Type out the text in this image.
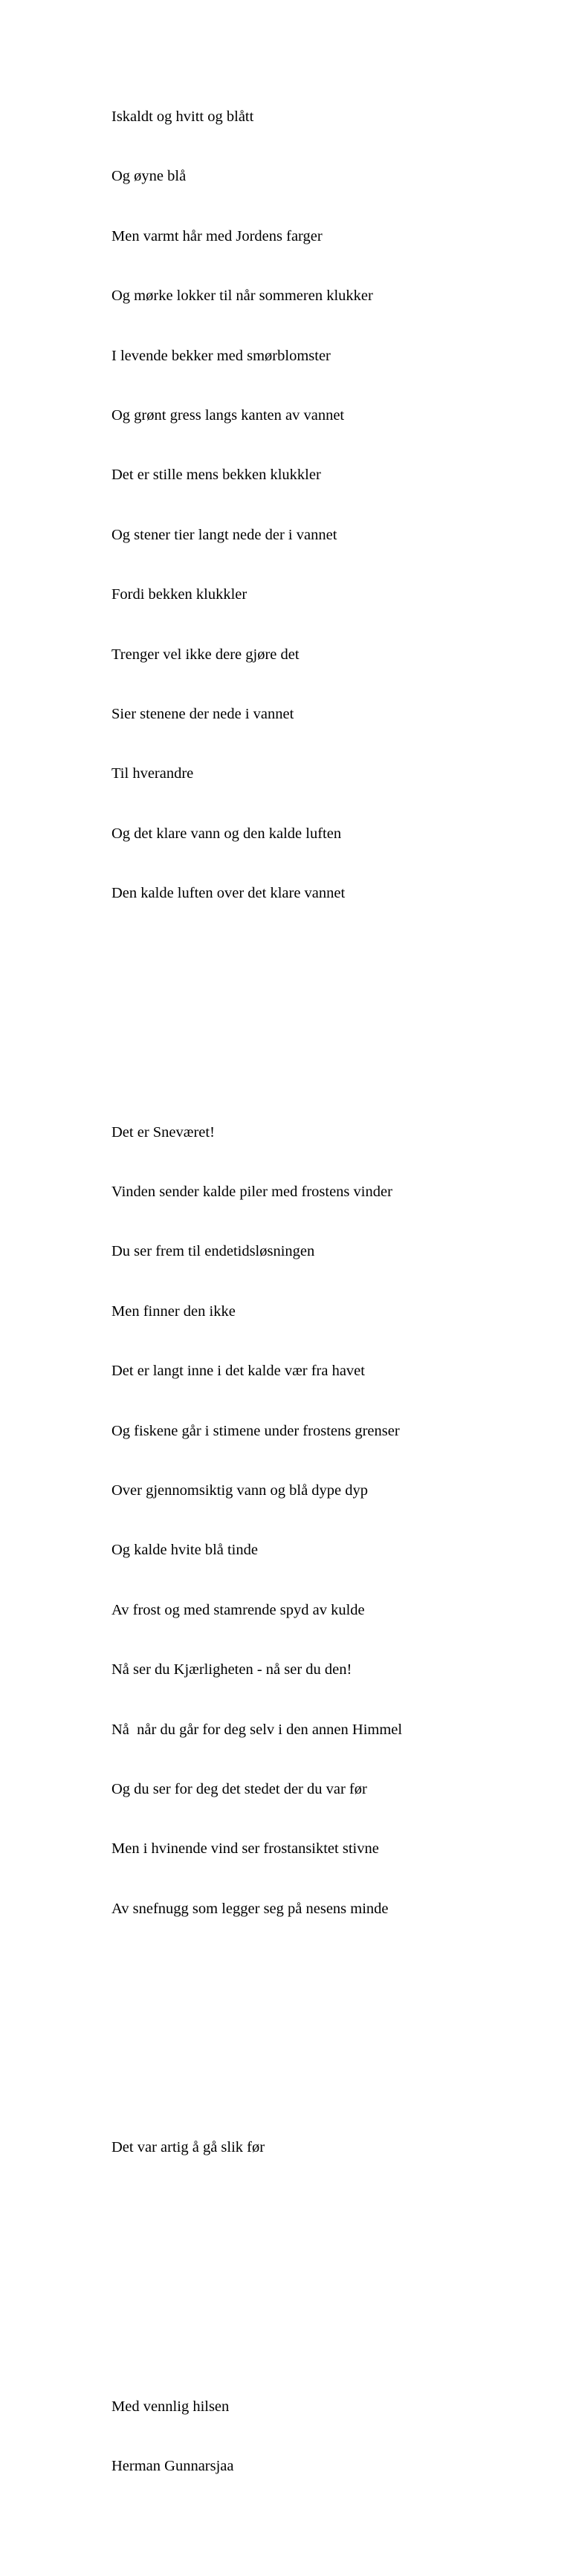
Iskaldt og hvitt og blått

Og øyne blå

Men varmt hår med Jordens farger

Og mørke lokker til når sommeren klukker

I levende bekker med smørblomster

Og grønt gress langs kanten av vannet

Det er stille mens bekken klukkler

Og stener tier langt nede der i vannet

Fordi bekken klukkler

Trenger vel ikke dere gjøre det

Sier stenene der nede i vannet

Til hverandre

Og det klare vann og den kalde luften

Den kalde luften over det klare vannet

Det er Sneværet!

Vinden sender kalde piler med frostens vinder

Du ser frem til endetidsløsningen

Men finner den ikke

Det er langt inne i det kalde vær fra havet

Og fiskene går i stimene under frostens grenser

Over gjennomsiktig vann og blå dype dyp

Og kalde hvite blå tinde

Av frost og med stamrende spyd av kulde

Nå ser du Kjærligheten - nå ser du den!

Nå  når du går for deg selv i den annen Himmel

Og du ser for deg det stedet der du var før

Men i hvinende vind ser frostansiktet stivne

Av snefnugg som legger seg på nesens minde

Det var artig å gå slik før

Med vennlig hilsen

Herman Gunnarsjaa
